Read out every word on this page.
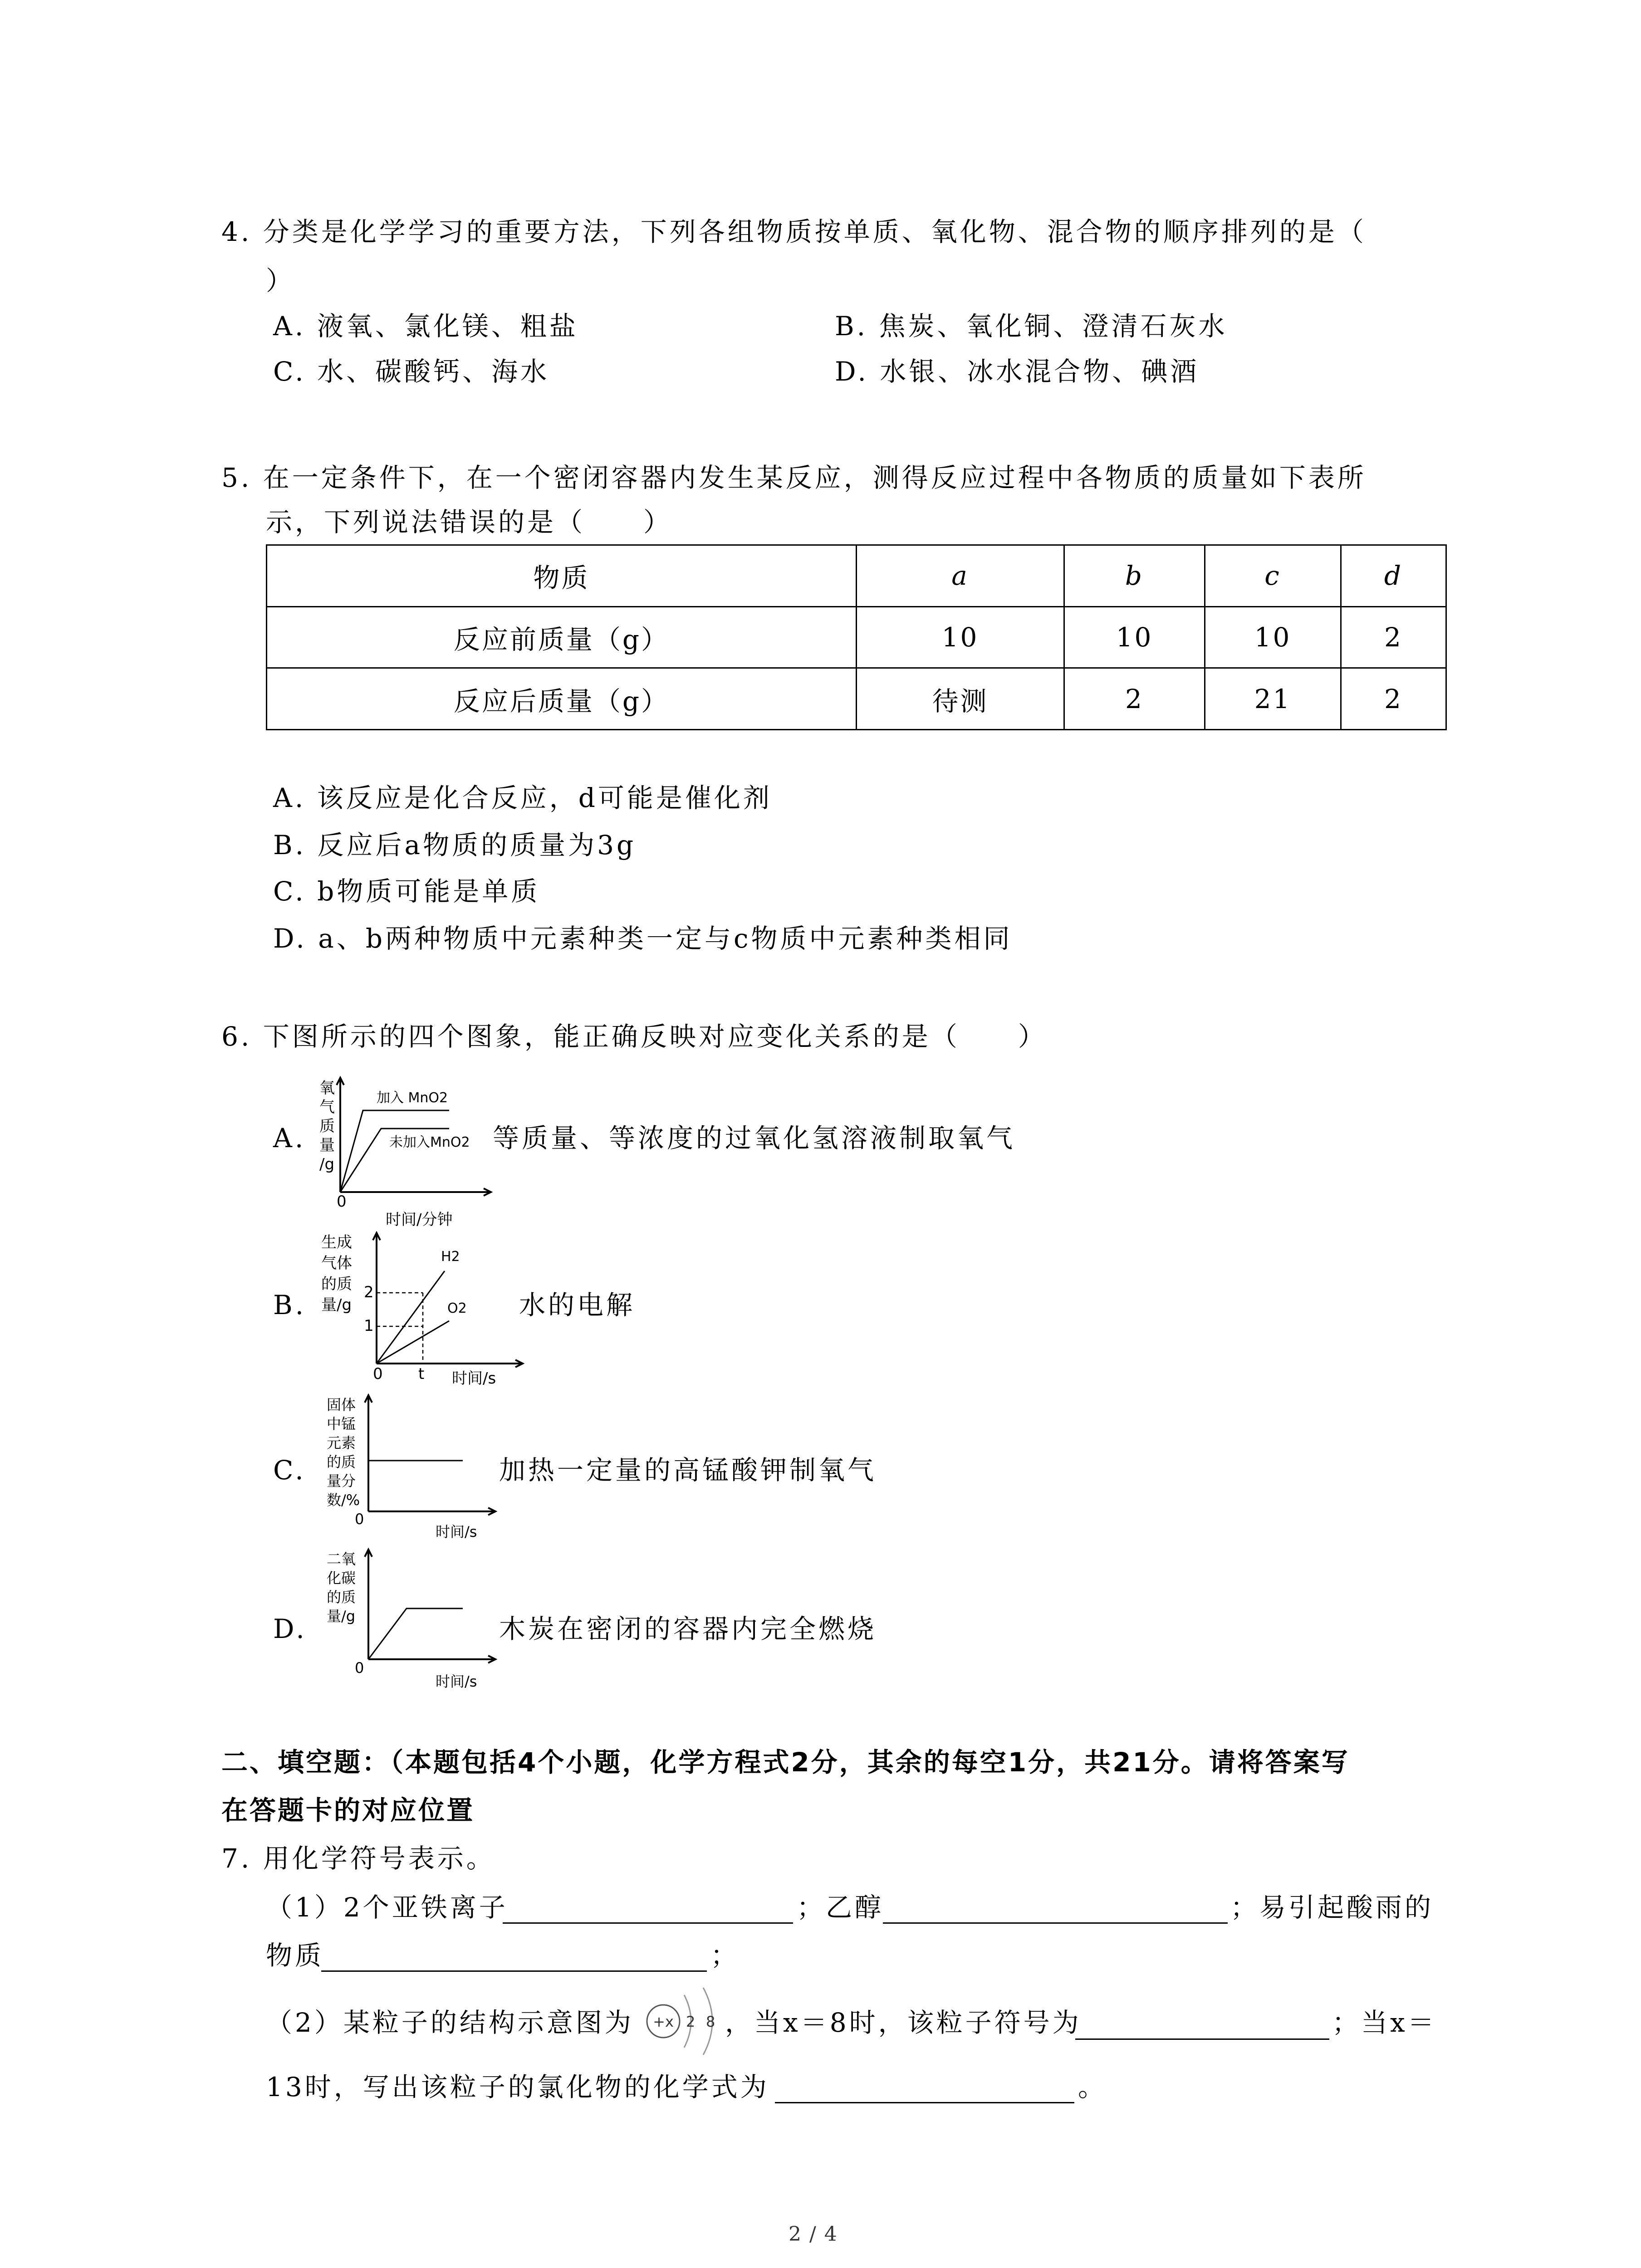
4. 分类是化学学习的重要方法，下列各组物质按单质、氧化物、混合物的顺序排列的是（
）
A. 液氧、氯化镁、粗盐	B. 焦炭、氧化铜、澄清石灰水
C. 水、碳酸钙、海水	D. 水银、冰水混合物、碘酒
5. 在一定条件下，在一个密闭容器内发生某反应，测得反应过程中各物质的质量如下表所
示，下列说法错误的是（　　）
物质	a	b	c	d
反应前质量（g）	10	10	10	2
反应后质量（g）	待测	2	21	2
A. 该反应是化合反应，d可能是催化剂
B. 反应后a物质的质量为3g
C. b物质可能是单质
D. a、b两种物质中元素种类一定与c物质中元素种类相同
6. 下图所示的四个图象，能正确反映对应变化关系的是（　　）
A.
氧
气
质
量
/g
0
时间/分钟
加入 MnO2
未加入MnO2 等质量、等浓度的过氧化氢溶液制取氧气
B.
生成
气体
的质
量/g
2
1
0 t 时间/s
H2
O2 水的电解
C.
固体
中锰
元素
的质
量分
数/%
0
时间/s
加热一定量的高锰酸钾制氧气
D.
二氧
化碳
的质
量/g
0
时间/s
木炭在密闭的容器内完全燃烧
二、填空题：（本题包括4个小题，化学方程式2分，其余的每空1分，共21分。请将答案写
在答题卡的对应位置
7. 用化学符号表示。
（1）2个亚铁离子	；乙醇	；易引起酸雨的
物质	；
（2）某粒子的结构示意图为 +x 2 8 ，当x＝8时，该粒子符号为	；当x＝
13时，写出该粒子的氯化物的化学式为	。
2 / 4
